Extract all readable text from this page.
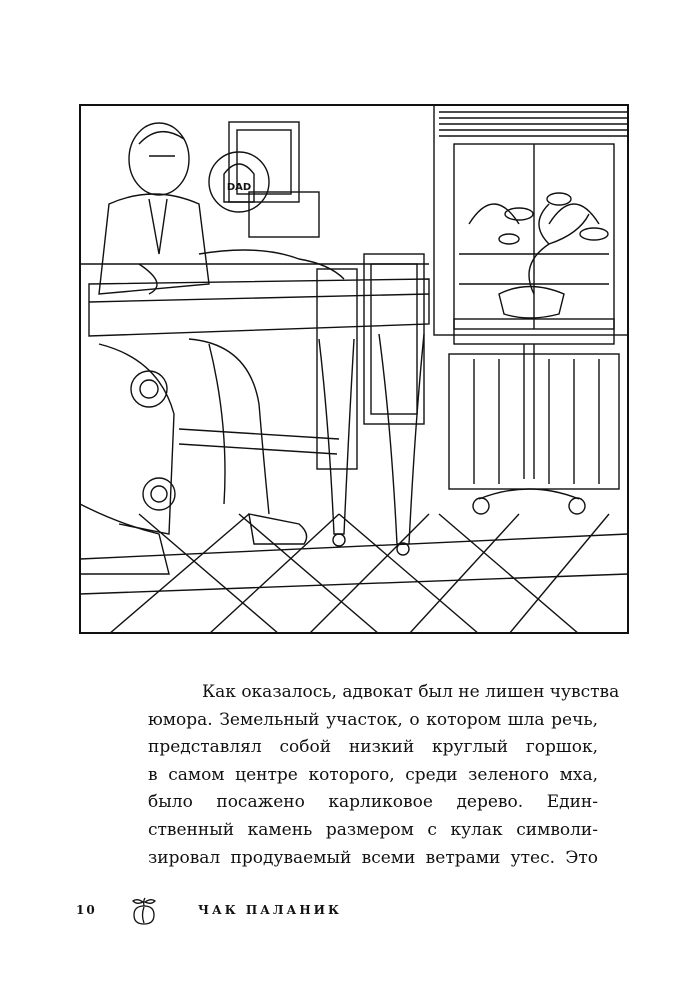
DAD

Как оказалось, адвокат был не лишен чувства
юмора. Земельный участок, о котором шла речь,
представлял собой низкий круглый горшок,
в самом центре которого, среди зеленого мха,
было посажено карликовое дерево. Един-
ственный камень размером с кулак символи-
зировал продуваемый всеми ветрами утес. Это

10	ЧАК ПАЛАНИК
